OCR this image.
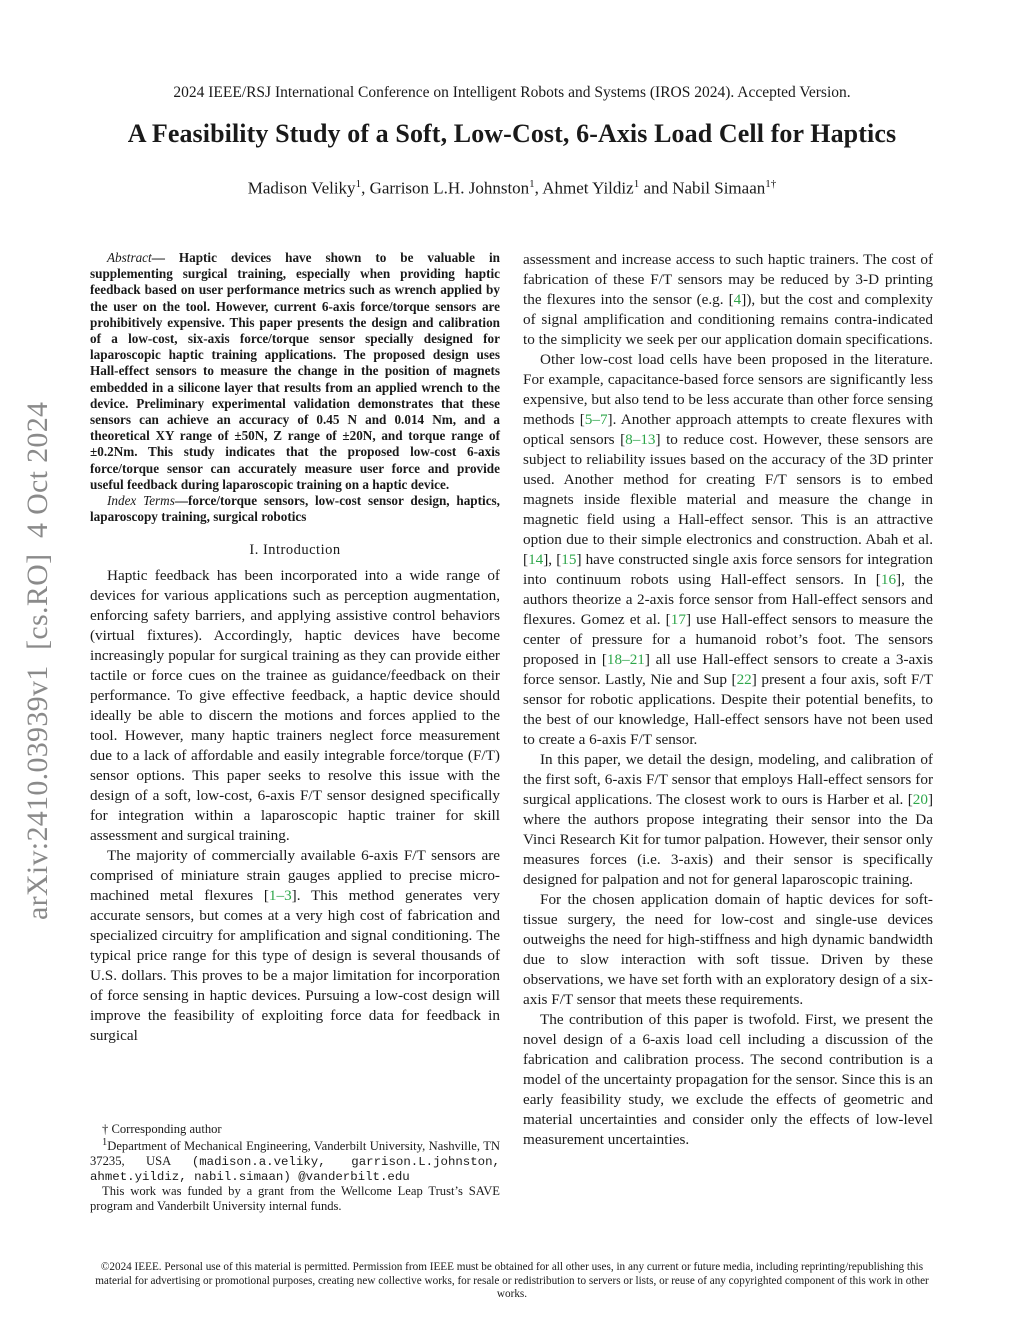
2024 IEEE/RSJ International Conference on Intelligent Robots and Systems (IROS 2024). Accepted Version.
A Feasibility Study of a Soft, Low-Cost, 6-Axis Load Cell for Haptics
Madison Veliky$^1$, Garrison L.H. Johnston$^1$, Ahmet Yildiz$^1$ and Nabil Simaan$^{1\dagger}$
arXiv:2410.03939v1  [cs.RO]  4 Oct 2024

Abstract— Haptic devices have shown to be valuable in supplementing surgical training, especially when providing haptic feedback based on user performance metrics such as wrench applied by the user on the tool. However, current 6-axis force/torque sensors are prohibitively expensive. This paper presents the design and calibration of a low-cost, six-axis force/torque sensor specially designed for laparoscopic haptic training applications. The proposed design uses Hall-effect sensors to measure the change in the position of magnets embedded in a silicone layer that results from an applied wrench to the device. Preliminary experimental validation demonstrates that these sensors can achieve an accuracy of 0.45 N and 0.014 Nm, and a theoretical XY range of ±50N, Z range of ±20N, and torque range of ±0.2Nm. This study indicates that the proposed low-cost 6-axis force/torque sensor can accurately measure user force and provide useful feedback during laparoscopic training on a haptic device.

Index Terms—force/torque sensors, low-cost sensor design, haptics, laparoscopy training, surgical robotics

I. Introduction

Haptic feedback has been incorporated into a wide range of devices for various applications such as perception augmentation, enforcing safety barriers, and applying assistive control behaviors (virtual fixtures). Accordingly, haptic devices have become increasingly popular for surgical training as they can provide either tactile or force cues on the trainee as guidance/feedback on their performance. To give effective feedback, a haptic device should ideally be able to discern the motions and forces applied to the tool. However, many haptic trainers neglect force measurement due to a lack of affordable and easily integrable force/torque (F/T) sensor options. This paper seeks to resolve this issue with the design of a soft, low-cost, 6-axis F/T sensor designed specifically for integration within a laparoscopic haptic trainer for skill assessment and surgical training.

The majority of commercially available 6-axis F/T sensors are comprised of miniature strain gauges applied to precise micro-machined metal flexures [1–3]. This method generates very accurate sensors, but comes at a very high cost of fabrication and specialized circuitry for amplification and signal conditioning. The typical price range for this type of design is several thousands of U.S. dollars. This proves to be a major limitation for incorporation of force sensing in haptic devices. Pursuing a low-cost design will improve the feasibility of exploiting force data for feedback in surgical

assessment and increase access to such haptic trainers. The cost of fabrication of these F/T sensors may be reduced by 3-D printing the flexures into the sensor (e.g. [4]), but the cost and complexity of signal amplification and conditioning remains contra-indicated to the simplicity we seek per our application domain specifications.

Other low-cost load cells have been proposed in the literature. For example, capacitance-based force sensors are significantly less expensive, but also tend to be less accurate than other force sensing methods [5–7]. Another approach attempts to create flexures with optical sensors [8–13] to reduce cost. However, these sensors are subject to reliability issues based on the accuracy of the 3D printer used. Another method for creating F/T sensors is to embed magnets inside flexible material and measure the change in magnetic field using a Hall-effect sensor. This is an attractive option due to their simple electronics and construction. Abah et al. [14], [15] have constructed single axis force sensors for integration into continuum robots using Hall-effect sensors. In [16], the authors theorize a 2-axis force sensor from Hall-effect sensors and flexures. Gomez et al. [17] use Hall-effect sensors to measure the center of pressure for a humanoid robot’s foot. The sensors proposed in [18–21] all use Hall-effect sensors to create a 3-axis force sensor. Lastly, Nie and Sup [22] present a four axis, soft F/T sensor for robotic applications. Despite their potential benefits, to the best of our knowledge, Hall-effect sensors have not been used to create a 6-axis F/T sensor.

In this paper, we detail the design, modeling, and calibration of the first soft, 6-axis F/T sensor that employs Hall-effect sensors for surgical applications. The closest work to ours is Harber et al. [20] where the authors propose integrating their sensor into the Da Vinci Research Kit for tumor palpation. However, their sensor only measures forces (i.e. 3-axis) and their sensor is specifically designed for palpation and not for general laparoscopic training.

For the chosen application domain of haptic devices for soft-tissue surgery, the need for low-cost and single-use devices outweighs the need for high-stiffness and high dynamic bandwidth due to slow interaction with soft tissue. Driven by these observations, we have set forth with an exploratory design of a six-axis F/T sensor that meets these requirements.

The contribution of this paper is twofold. First, we present the novel design of a 6-axis load cell including a discussion of the fabrication and calibration process. The second contribution is a model of the uncertainty propagation for the sensor. Since this is an early feasibility study, we exclude the effects of geometric and material uncertainties and consider only the effects of low-level measurement uncertainties.

† Corresponding author

$^1$Department of Mechanical Engineering, Vanderbilt University, Nashville, TN 37235, USA (madison.a.veliky, garrison.L.johnston, ahmet.yildiz, nabil.simaan) @vanderbilt.edu

This work was funded by a grant from the Wellcome Leap Trust’s SAVE program and Vanderbilt University internal funds.

©2024 IEEE. Personal use of this material is permitted. Permission from IEEE must be obtained for all other uses, in any current or future media, including reprinting/republishing this material for advertising or promotional purposes, creating new collective works, for resale or redistribution to servers or lists, or reuse of any copyrighted component of this work in other works.
